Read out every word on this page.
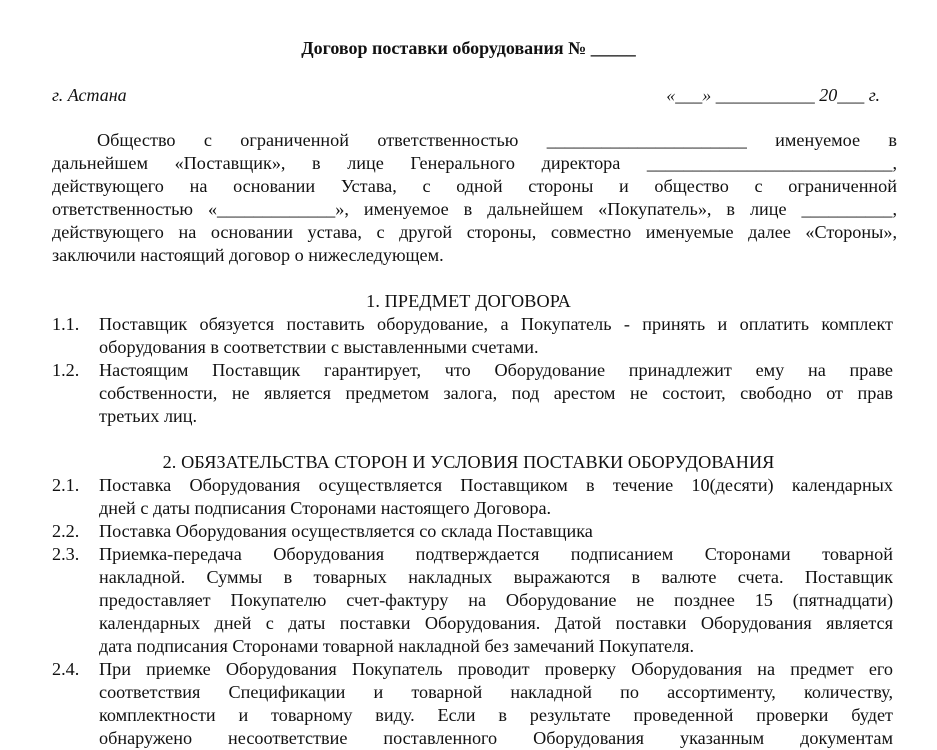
Договор поставки оборудования № _____
г. Астана	«___» ___________ 20___ г.
Общество с ограниченной ответственностью ______________________ именуемое в
дальнейшем «Поставщик», в лице Генерального директора ___________________________,
действующего на основании Устава, с одной стороны и общество с ограниченной
ответственностью «_____________», именуемое в дальнейшем «Покупатель», в лице __________,
действующего на основании устава, с другой стороны, совместно именуемые далее «Стороны»,
заключили настоящий договор о нижеследующем.
1. ПРЕДМЕТ ДОГОВОРА
1.1.	Поставщик обязуется поставить оборудование, а Покупатель - принять и оплатить комплект
оборудования в соответствии с выставленными счетами.
1.2.	Настоящим Поставщик гарантирует, что Оборудование принадлежит ему на праве
собственности, не является предметом залога, под арестом не состоит, свободно от прав
третьих лиц.
2. ОБЯЗАТЕЛЬСТВА СТОРОН И УСЛОВИЯ ПОСТАВКИ ОБОРУДОВАНИЯ
2.1.	Поставка Оборудования осуществляется Поставщиком в течение 10(десяти) календарных
дней с даты подписания Сторонами настоящего Договора.
2.2.	Поставка Оборудования осуществляется со склада Поставщика
2.3.	Приемка-передача Оборудования подтверждается подписанием Сторонами товарной
накладной. Суммы в товарных накладных выражаются в валюте счета. Поставщик
предоставляет Покупателю счет-фактуру на Оборудование не позднее 15 (пятнадцати)
календарных дней с даты поставки Оборудования. Датой поставки Оборудования является
дата подписания Сторонами товарной накладной без замечаний Покупателя.
2.4.	При приемке Оборудования Покупатель проводит проверку Оборудования на предмет его
соответствия Спецификации и товарной накладной по ассортименту, количеству,
комплектности и товарному виду. Если в результате проведенной проверки будет
обнаружено несоответствие поставленного Оборудования указанным документам
